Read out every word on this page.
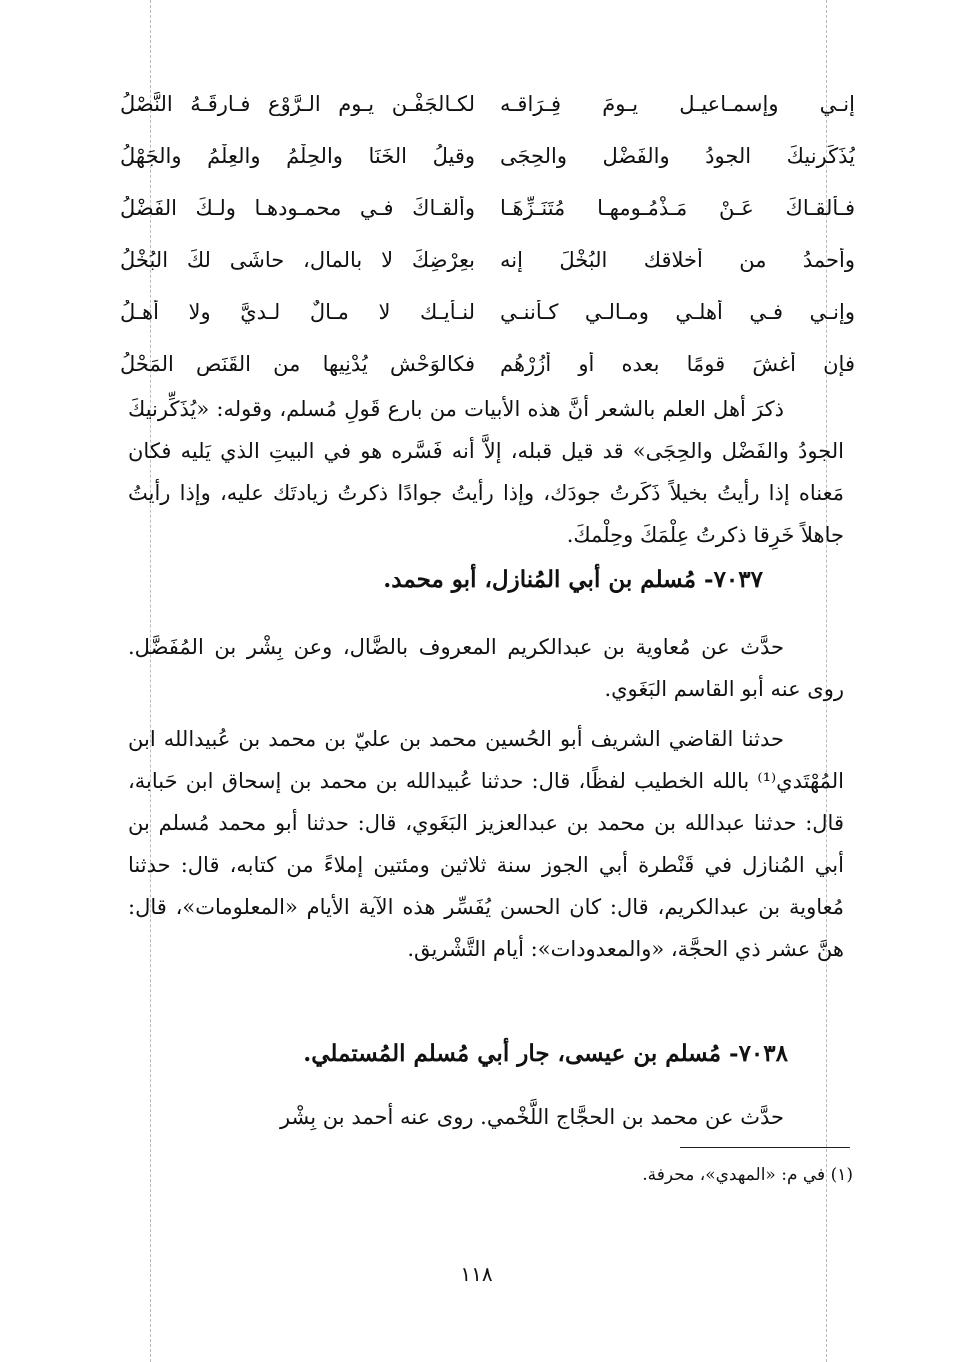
إنـي وإسمـاعيـل يـومَ فِـرَاقـه
لكـالجَفْـن يـوم الـرَّوْع فـارقَـهُ النَّصْلُ
يُذَكِّرنيكَ الجودُ والفَضْل والحِجَى
وقيلُ الخَنَا والحِلْمُ والعِلْمُ والجَهْلُ
فـألقـاكَ عَـنْ مَـذْمُـومهـا مُتَنَـزِّهَـا
وألقـاكَ فـي محمـودهـا ولـكَ الفَضْلُ
وأحمدُ من أخلاقك البُخْلَ إنه
بعِرْضِكَ لا بالمال، حاشَى لكَ البُخْلُ
وإنـي فـي أهلـي ومـالـي كـأننـي
لنـأيـك لا مـالٌ لـديَّ ولا أهـلُ
فإن أغشَ قومًا بعده أو أزُرْهُم
فكالوَحْش يُدْنِيها من القَنَص المَحْلُ

ذكرَ أهل العلم بالشعر أنَّ هذه الأبيات من بارع قَولِ مُسلم، وقوله: «يُذَكِّرنيكَ الجودُ والفَضْل والحِجَى» قد قيل قبله، إلاَّ أنه فَسَّره هو في البيتِ الذي يَليه فكان مَعناه إذا رأيتُ بخيلاً ذَكَرتُ جودَك، وإذا رأيتُ جوادًا ذكرتُ زيادتَك عليه، وإذا رأيتُ جاهلاً خَرِقا ذكرتُ عِلْمَكَ وحِلْمكَ.

٧٠٣٧- مُسلم بن أبي المُنازل، أبو محمد.

حدَّث عن مُعاوية بن عبدالكريم المعروف بالضَّال، وعن بِشْر بن المُفَضَّل. روى عنه أبو القاسم البَغَوي.

حدثنا القاضي الشريف أبو الحُسين محمد بن عليّ بن محمد بن عُبيدالله ابن المُهْتَدي⁽¹⁾ بالله الخطيب لفظًا، قال: حدثنا عُبيدالله بن محمد بن إسحاق ابن حَبابة، قال: حدثنا عبدالله بن محمد بن عبدالعزيز البَغَوي، قال: حدثنا أبو محمد مُسلم بن أبي المُنازل في قَنْطرة أبي الجوز سنة ثلاثين ومئتين إملاءً من كتابه، قال: حدثنا مُعاوية بن عبدالكريم، قال: كان الحسن يُفَسِّر هذه الآية الأيام «المعلومات»، قال: هنَّ عشر ذي الحجَّة، «والمعدودات»: أيام التَّشْريق.

٧٠٣٨- مُسلم بن عيسى، جار أبي مُسلم المُستملي.

حدَّث عن محمد بن الحجَّاج اللَّخْمي. روى عنه أحمد بن بِشْر

(١) في م: «المهدي»، محرفة.
١١٨
